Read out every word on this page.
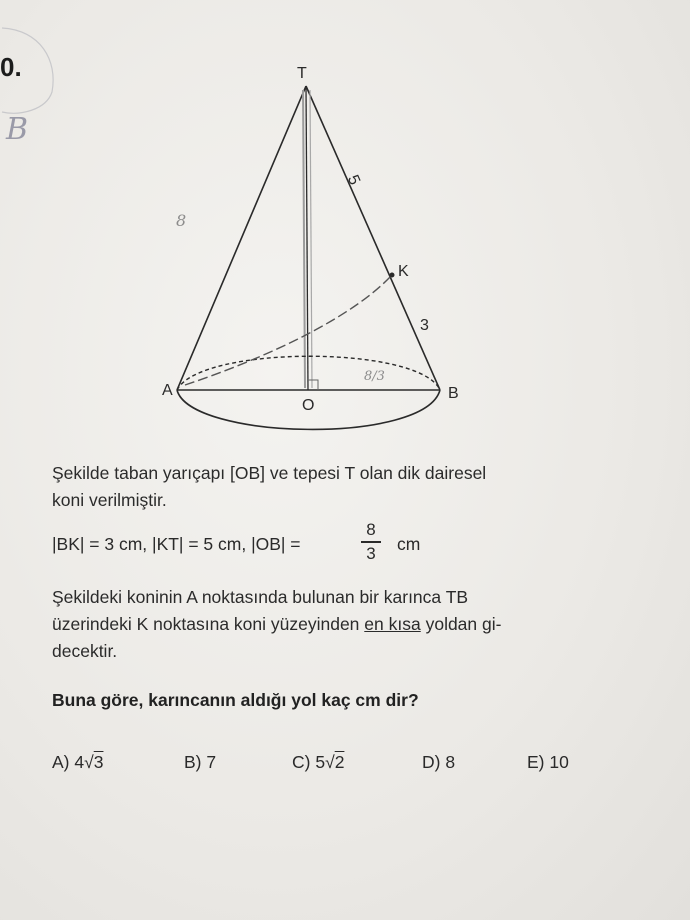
0.
B
T
5
K
3
A	B
O
8
8/3
Şekilde taban yarıçapı [OB] ve tepesi T olan dik dairesel
koni verilmiştir.
|BK| = 3 cm, |KT| = 5 cm, |OB| =
8
3	cm
Şekildeki koninin A noktasında bulunan bir karınca TB
üzerindeki K noktasına koni yüzeyinden en kısa yoldan gi-
decektir.
Buna göre, karıncanın aldığı yol kaç cm dir?
A) 4√3	B) 7	C) 5√2	D) 8	E) 10
